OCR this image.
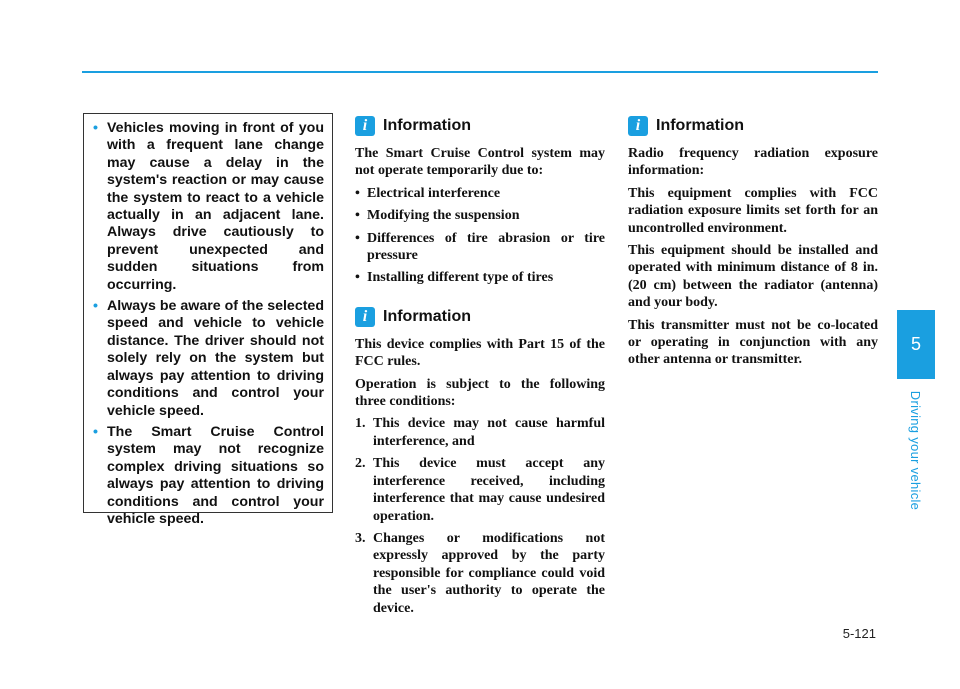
• Vehicles moving in front of you with a frequent lane change may cause a delay in the system's reaction or may cause the system to react to a vehicle actually in an adjacent lane. Always drive cautiously to prevent unexpected and sudden situations from occurring.
• Always be aware of the selected speed and vehicle to vehicle distance. The driver should not solely rely on the system but always pay attention to driving conditions and control your vehicle speed.
• The Smart Cruise Control system may not recognize complex driving situations so always pay attention to driving conditions and control your vehicle speed.
i Information

The Smart Cruise Control system may not operate temporarily due to:

• Electrical interference
• Modifying the suspension
• Differences of tire abrasion or tire pressure
• Installing different type of tires
i Information

This device complies with Part 15 of the FCC rules.

Operation is subject to the following three conditions:

1. This device may not cause harmful interference, and
2. This device must accept any interference received, including interference that may cause undesired operation.
3. Changes or modifications not expressly approved by the party responsible for compliance could void the user's authority to operate the device.
i Information

Radio frequency radiation exposure information:

This equipment complies with FCC radiation exposure limits set forth for an uncontrolled environment.

This equipment should be installed and operated with minimum distance of 8 in. (20 cm) between the radiator (antenna) and your body.

This transmitter must not be co-located or operating in conjunction with any other antenna or transmitter.

5
Driving your vehicle
5-121
